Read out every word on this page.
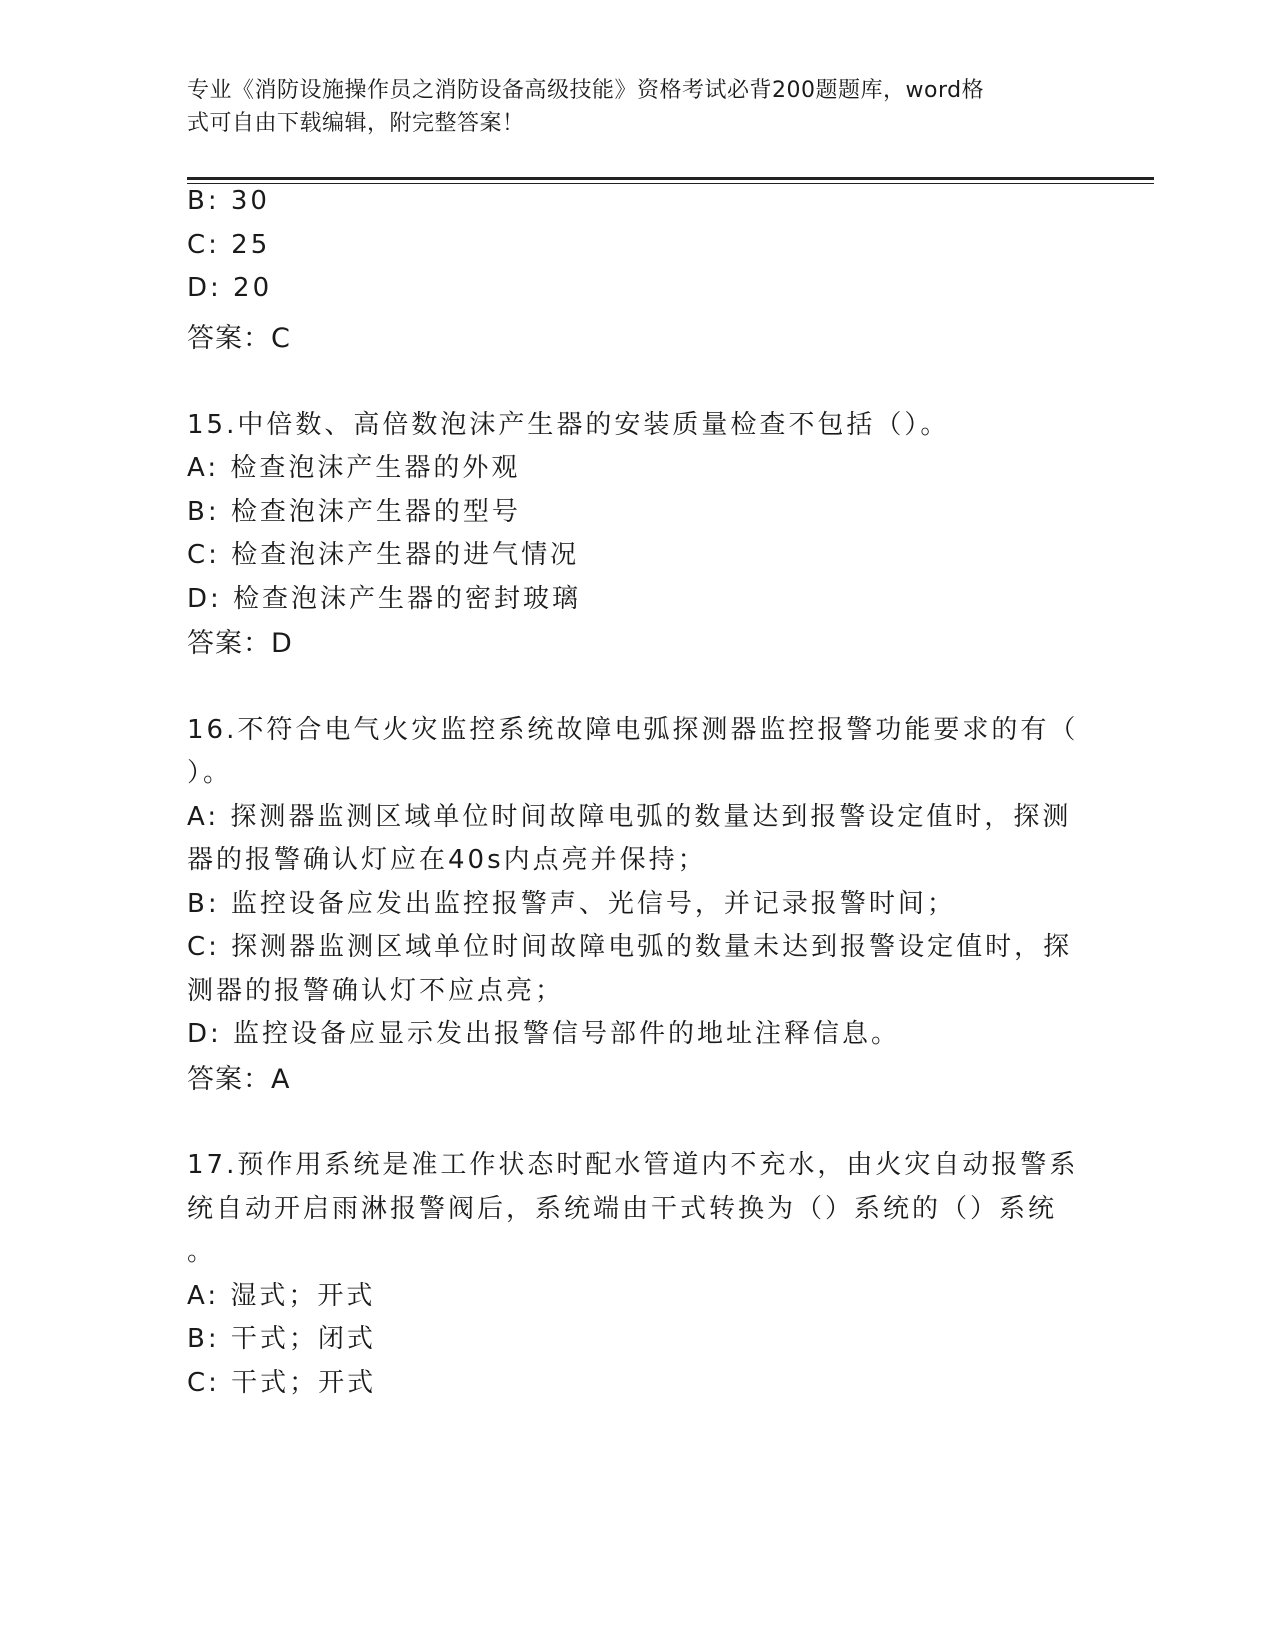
专业《消防设施操作员之消防设备高级技能》资格考试必背200题题库，word格
式可自由下载编辑，附完整答案！
B: 30
C: 25
D: 20
答案：C
15.中倍数、高倍数泡沫产生器的安装质量检查不包括（）。
A: 检查泡沫产生器的外观
B: 检查泡沫产生器的型号
C: 检查泡沫产生器的进气情况
D: 检查泡沫产生器的密封玻璃
答案：D
16.不符合电气火灾监控系统故障电弧探测器监控报警功能要求的有（
）。
A: 探测器监测区域单位时间故障电弧的数量达到报警设定值时，探测
器的报警确认灯应在40s内点亮并保持；
B: 监控设备应发出监控报警声、光信号，并记录报警时间；
C: 探测器监测区域单位时间故障电弧的数量未达到报警设定值时，探
测器的报警确认灯不应点亮；
D: 监控设备应显示发出报警信号部件的地址注释信息。
答案：A
17.预作用系统是准工作状态时配水管道内不充水，由火灾自动报警系
统自动开启雨淋报警阀后，系统端由干式转换为（）系统的（）系统
。
A: 湿式；开式
B: 干式；闭式
C: 干式；开式
